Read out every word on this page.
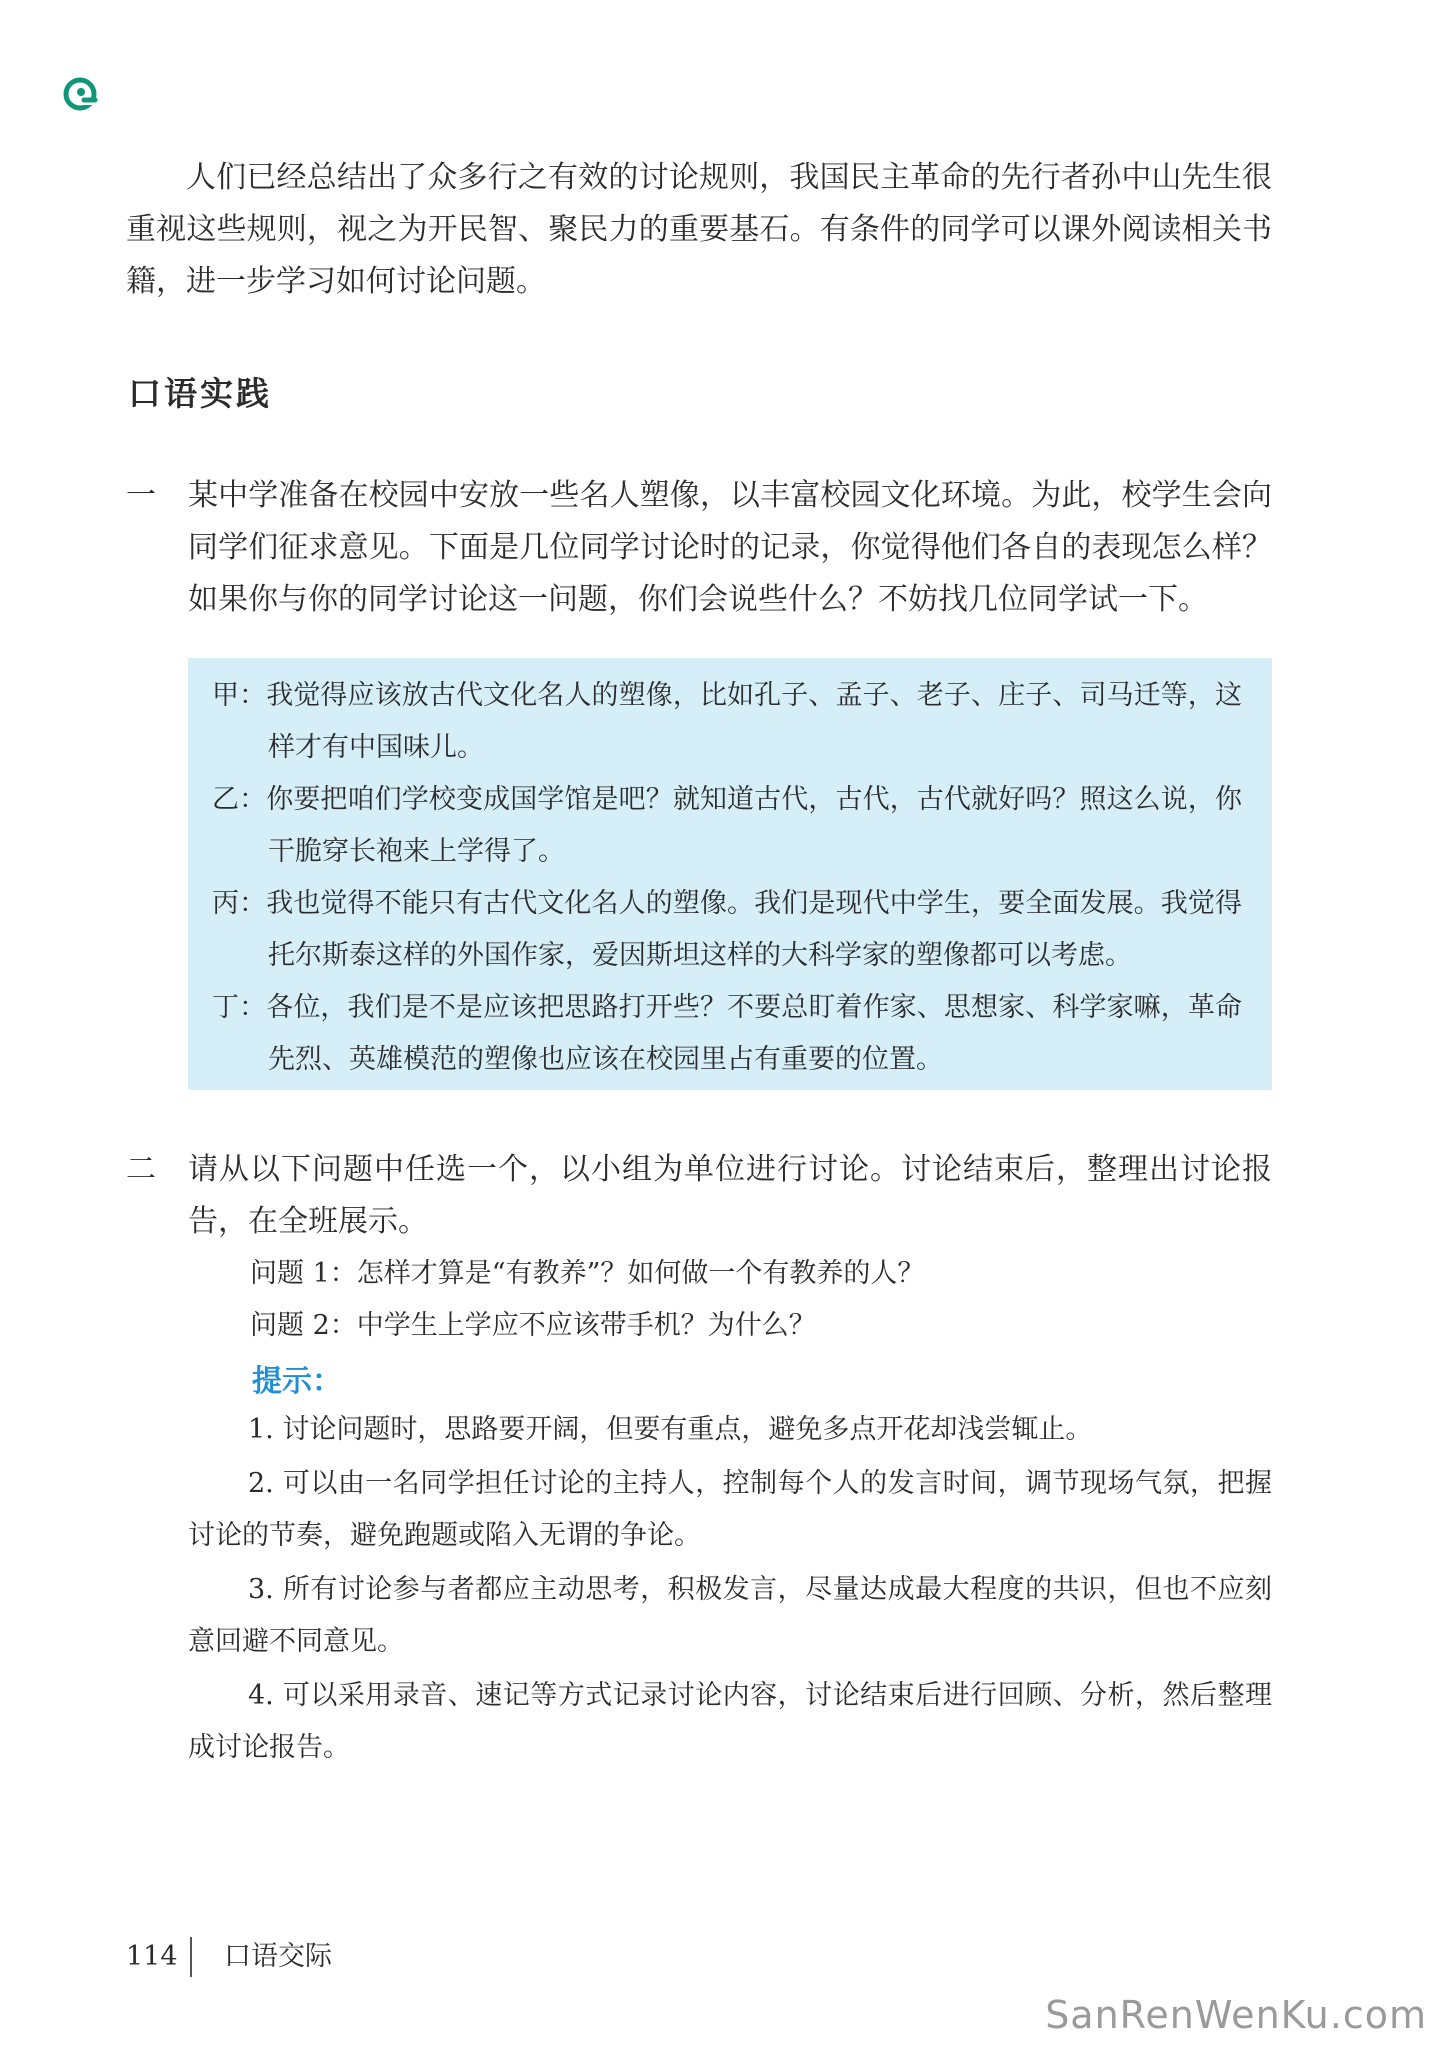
人们已经总结出了众多行之有效的讨论规则，我国民主革命的先行者孙中山先生很重视这些规则，视之为开民智、聚民力的重要基石。有条件的同学可以课外阅读相关书籍，进一步学习如何讨论问题。

口语实践
一 某中学准备在校园中安放一些名人塑像，以丰富校园文化环境。为此，校学生会向同学们征求意见。下面是几位同学讨论时的记录，你觉得他们各自的表现怎么样？如果你与你的同学讨论这一问题，你们会说些什么？不妨找几位同学试一下。
甲：我觉得应该放古代文化名人的塑像，比如孔子、孟子、老子、庄子、司马迁等，这样才有中国味儿。
乙：你要把咱们学校变成国学馆是吧？就知道古代，古代，古代就好吗？照这么说，你干脆穿长袍来上学得了。
丙：我也觉得不能只有古代文化名人的塑像。我们是现代中学生，要全面发展。我觉得托尔斯泰这样的外国作家，爱因斯坦这样的大科学家的塑像都可以考虑。
丁：各位，我们是不是应该把思路打开些？不要总盯着作家、思想家、科学家嘛，革命先烈、英雄模范的塑像也应该在校园里占有重要的位置。
二 请从以下问题中任选一个，以小组为单位进行讨论。讨论结束后，整理出讨论报告，在全班展示。
问题 1：怎样才算是“有教养”？如何做一个有教养的人？
问题 2：中学生上学应不应该带手机？为什么？
提示：
1. 讨论问题时，思路要开阔，但要有重点，避免多点开花却浅尝辄止。
2. 可以由一名同学担任讨论的主持人，控制每个人的发言时间，调节现场气氛，把握讨论的节奏，避免跑题或陷入无谓的争论。
3. 所有讨论参与者都应主动思考，积极发言，尽量达成最大程度的共识，但也不应刻意回避不同意见。
4. 可以采用录音、速记等方式记录讨论内容，讨论结束后进行回顾、分析，然后整理成讨论报告。
114 口语交际
SanRenWenKu.com
